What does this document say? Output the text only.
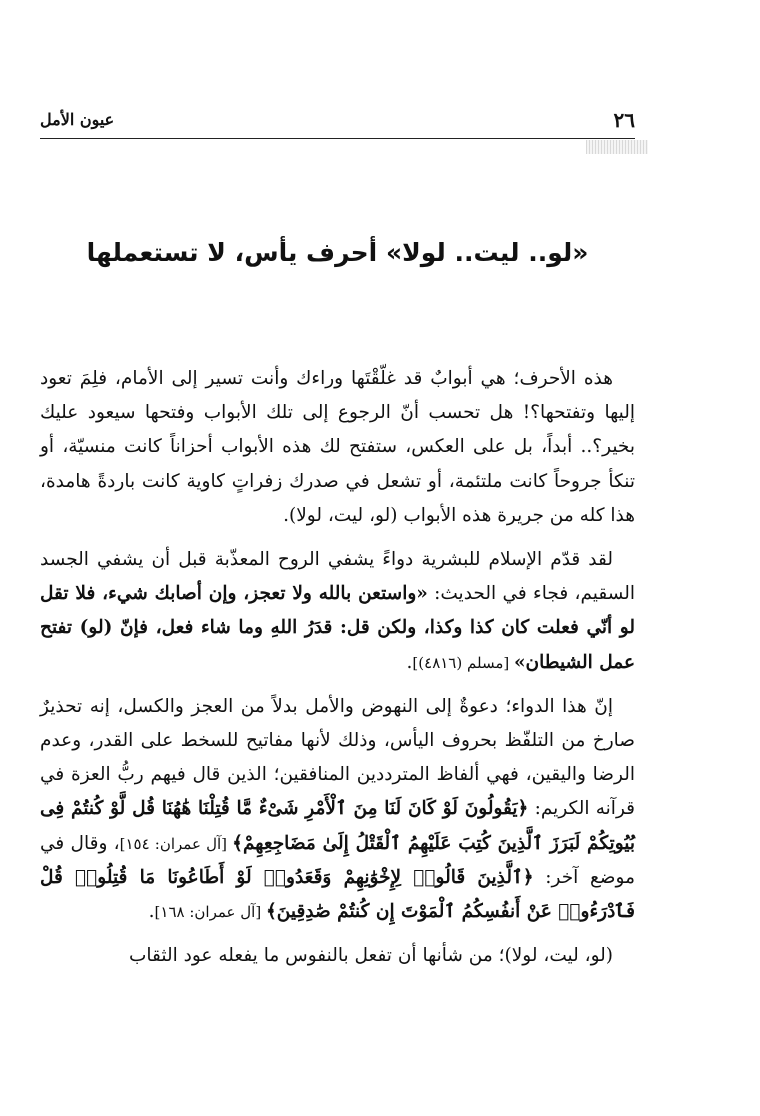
٢٦
عيون الأمل
«لو.. ليت.. لولا» أحرف يأس، لا تستعملها

هذه الأحرف؛ هي أبوابٌ قد غلّقْتَها وراءك وأنت تسير إلى الأمام، فلِمَ تعود إليها وتفتحها؟! هل تحسب أنّ الرجوع إلى تلك الأبواب وفتحها سيعود عليك بخير؟.. أبداً، بل على العكس، ستفتح لك هذه الأبواب أحزاناً كانت منسيّة، أو تنكأ جروحاً كانت ملتئمة، أو تشعل في صدرك زفراتٍ كاوية كانت باردةً هامدة، هذا كله من جريرة هذه الأبواب (لو، ليت، لولا).

لقد قدّم الإسلام للبشرية دواءً يشفي الروح المعذّبة قبل أن يشفي الجسد السقيم، فجاء في الحديث: «واستعن بالله ولا تعجز، وإن أصابك شيء، فلا تقل لو أنّي فعلت كان كذا وكذا، ولكن قل: قدَرُ اللهِ وما شاء فعل، فإنّ (لو) تفتح عمل الشيطان» [مسلم (٤٨١٦)].

إنّ هذا الدواء؛ دعوةٌ إلى النهوض والأمل بدلاً من العجز والكسل، إنه تحذيرٌ صارخ من التلفّظ بحروف اليأس، وذلك لأنها مفاتيح للسخط على القدر، وعدم الرضا واليقين، فهي ألفاظ المترددين المنافقين؛ الذين قال فيهم ربُّ العزة في قرآنه الكريم: ﴿يَقُولُونَ لَوْ كَانَ لَنَا مِنَ ٱلْأَمْرِ شَىْءٌ مَّا قُتِلْنَا هَٰهُنَا قُل لَّوْ كُنتُمْ فِى بُيُوتِكُمْ لَبَرَزَ ٱلَّذِينَ كُتِبَ عَلَيْهِمُ ٱلْقَتْلُ إِلَىٰ مَضَاجِعِهِمْ﴾ [آل عمران: ١٥٤]، وقال في موضع آخر: ﴿ٱلَّذِينَ قَالُوا۟ لِإِخْوَٰنِهِمْ وَقَعَدُوا۟ لَوْ أَطَاعُونَا مَا قُتِلُوا۟ قُلْ فَٱدْرَءُوا۟ عَنْ أَنفُسِكُمُ ٱلْمَوْتَ إِن كُنتُمْ صَٰدِقِينَ﴾ [آل عمران: ١٦٨].

(لو، ليت، لولا)؛ من شأنها أن تفعل بالنفوس ما يفعله عود الثقاب
